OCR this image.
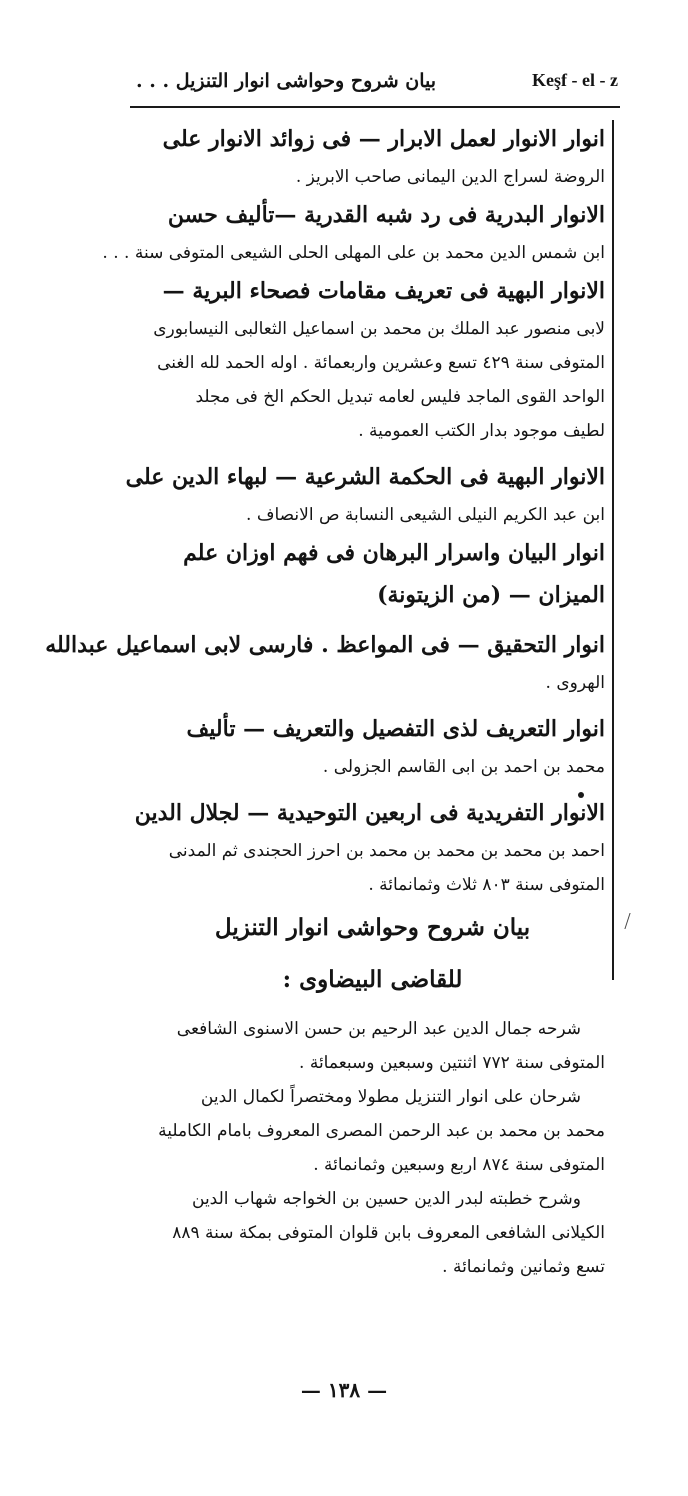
بيان شروح وحواشى انوار التنزيل . . .	Keşf - el - z
انوار الانوار لعمل الابرار — فى زوائد الانوار على
الروضة لسراج الدين اليمانى صاحب الابريز .
الانوار البدرية فى رد شبه القدرية —تأليف حسن
ابن شمس الدين محمد بن على المهلى الحلى الشيعى المتوفى سنة . . .
الانوار البهية فى تعريف مقامات فصحاء البرية —
لابى منصور عبد الملك بن محمد بن اسماعيل الثعالبى النيسابورى
المتوفى سنة ٤٢٩ تسع وعشرين واربعمائة . اوله الحمد لله الغنى
الواحد القوى الماجد فليس لعامه تبديل الحكم الخ فى مجلد
لطيف موجود بدار الكتب العمومية .
الانوار البهية فى الحكمة الشرعية — لبهاء الدين على
ابن عبد الكريم النيلى الشيعى النسابة ص الانصاف .
انوار البيان واسرار البرهان فى فهم اوزان علم
الميزان — (من الزيتونة)
انوار التحقيق — فى المواعظ . فارسى لابى اسماعيل عبدالله
الهروى .
انوار التعريف لذى التفصيل والتعريف — تأليف
محمد بن احمد بن ابى القاسم الجزولى .
الانوار التفريدية فى اربعين التوحيدية — لجلال الدين
احمد بن محمد بن محمد بن محمد بن احرز الحجندى ثم المدنى
المتوفى سنة ٨٠٣ ثلاث وثمانمائة .
بيان شروح وحواشى انوار التنزيل
للقاضى البيضاوى :
شرحه جمال الدين عبد الرحيم بن حسن الاسنوى الشافعى
المتوفى سنة ٧٧٢ اثنتين وسبعين وسبعمائة .
شرحان على انوار التنزيل مطولا ومختصراً لكمال الدين
محمد بن محمد بن عبد الرحمن المصرى المعروف بامام الكاملية
المتوفى سنة ٨٧٤ اربع وسبعين وثمانمائة .
وشرح خطبته لبدر الدين حسين بن الخواجه شهاب الدين
الكيلانى الشافعى المعروف بابن قلوان المتوفى بمكة سنة ٨٨٩
تسع وثمانين وثمانمائة .
— ١٣٨ —
